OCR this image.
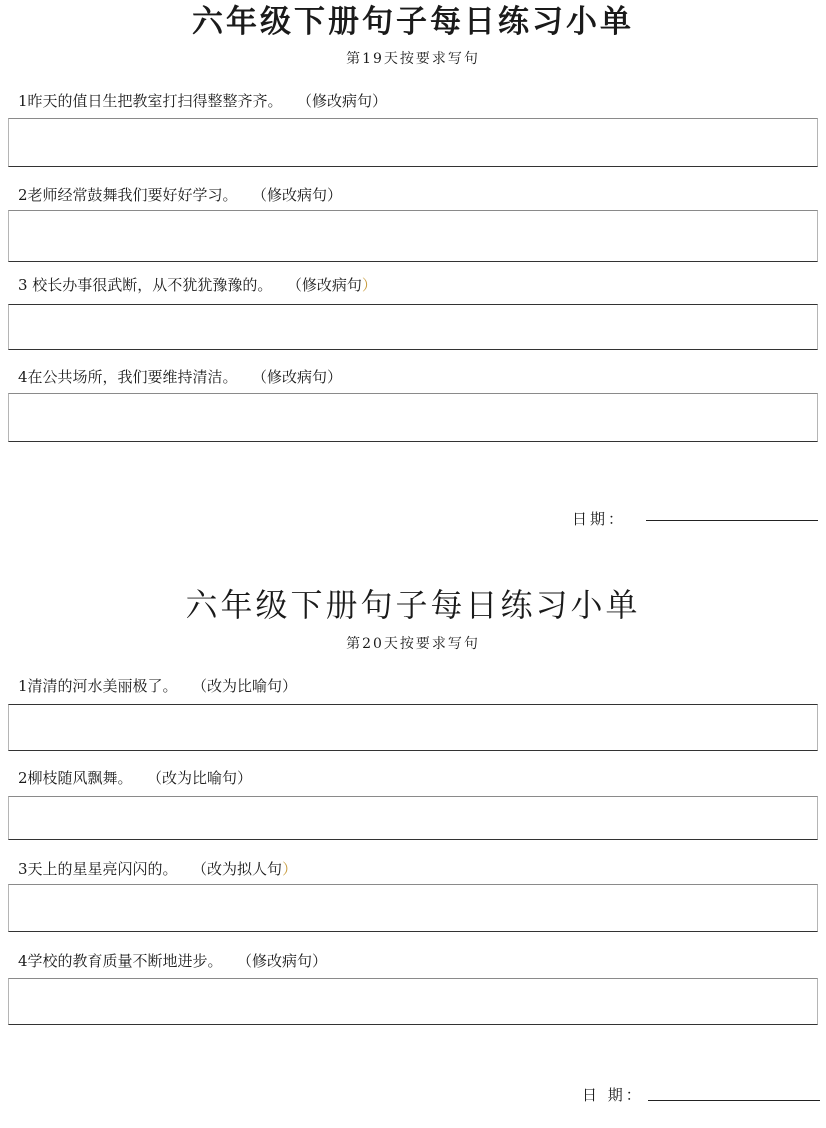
六年级下册句子每日练习小单
第19天按要求写句
1昨天的值日生把教室打扫得整整齐齐。 （修改病句）
2老师经常鼓舞我们要好好学习。 （修改病句）
3 校长办事很武断，从不犹犹豫豫的。 （修改病句）
4在公共场所，我们要维持清洁。 （修改病句）
日期：
六年级下册句子每日练习小单
第20天按要求写句
1清清的河水美丽极了。 （改为比喻句）
2柳枝随风飘舞。 （改为比喻句）
3天上的星星亮闪闪的。 （改为拟人句）
4学校的教育质量不断地进步。 （修改病句）
日 期：
